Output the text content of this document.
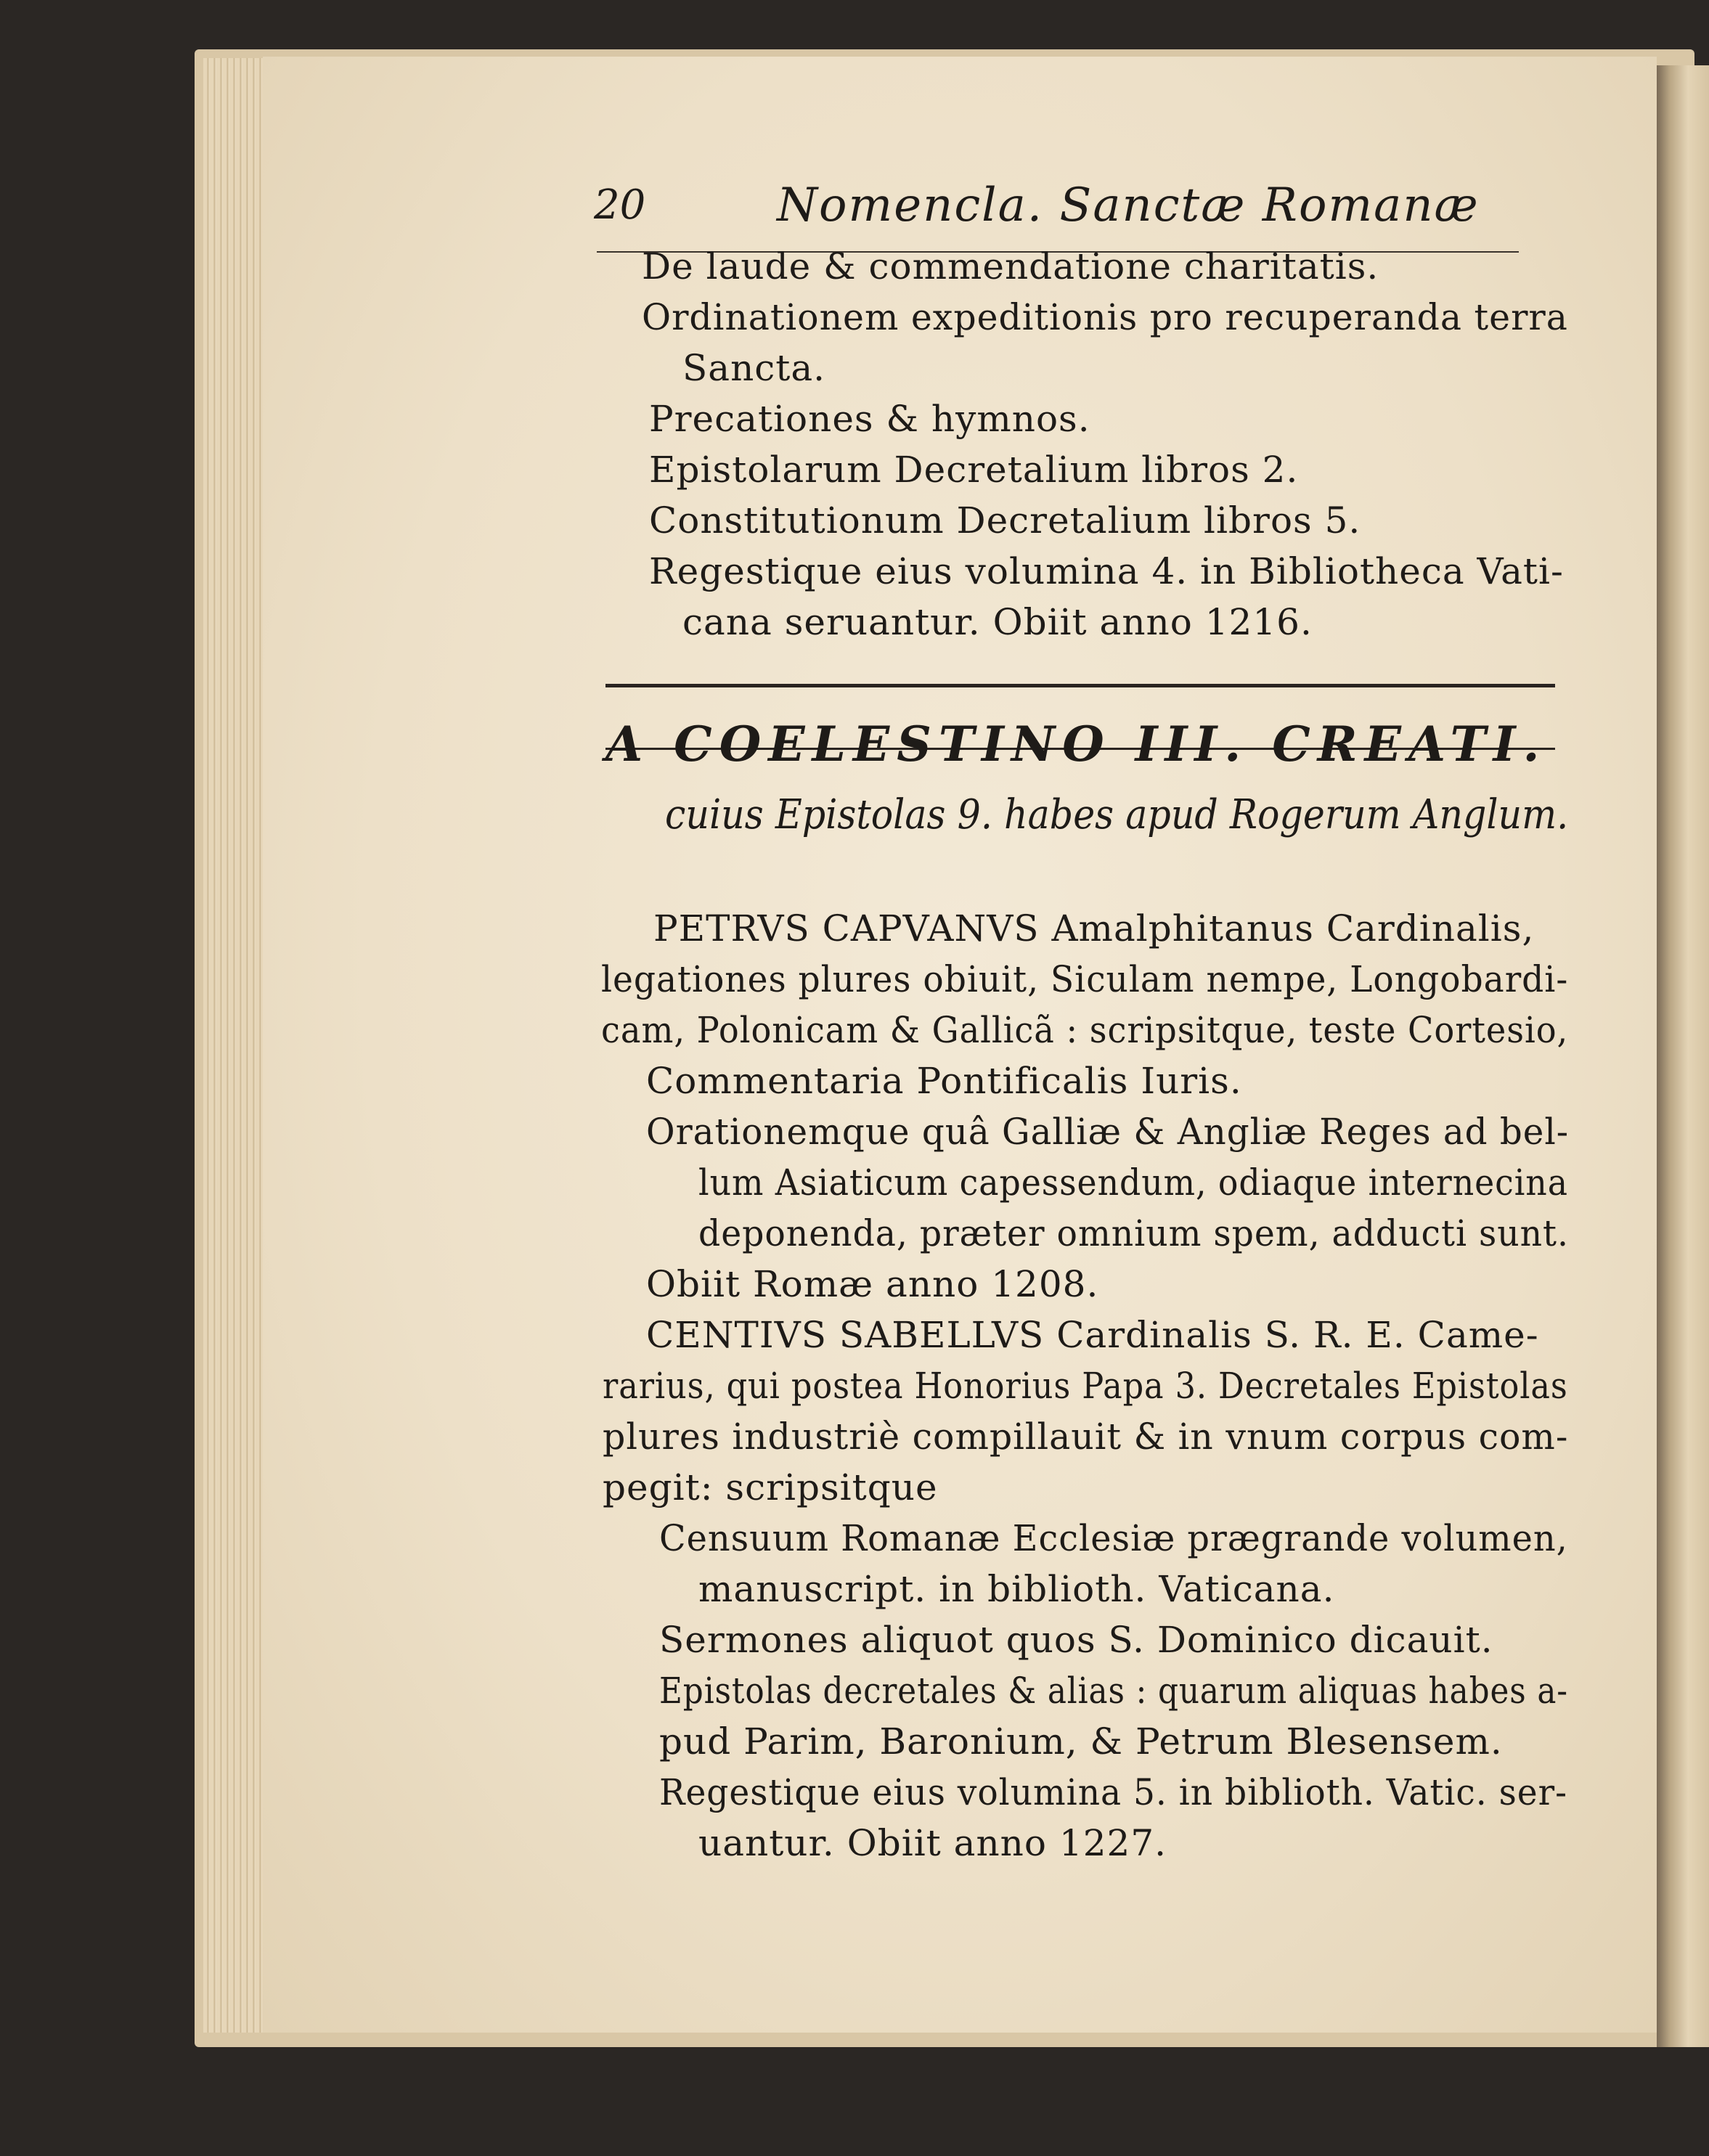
20	Nomencla. Sanctæ Romanæ
De laude & commendatione charitatis.
Ordinationem expeditionis pro recuperanda terra
Sancta.
Precationes & hymnos.
Epistolarum Decretalium libros 2.
Constitutionum Decretalium libros 5.
Regestique eius volumina 4. in Bibliotheca Vati-
cana seruantur. Obiit anno 1216.
A COELESTINO III. CREATI.
cuius Epistolas 9. habes apud Rogerum Anglum.
PETRVS CAPVANVS Amalphitanus Cardinalis,
legationes plures obiuit, Siculam nempe, Longobardi-
cam, Polonicam & Gallicã : scripsitque, teste Cortesio,
Commentaria Pontificalis Iuris.
Orationemque quâ Galliæ & Angliæ Reges ad bel-
lum Asiaticum capessendum, odiaque internecina
deponenda, præter omnium spem, adducti sunt.
Obiit Romæ anno 1208.
CENTIVS SABELLVS Cardinalis S. R. E. Came-
rarius, qui postea Honorius Papa 3. Decretales Epistolas
plures industriè compillauit & in vnum corpus com-
pegit: scripsitque
Censuum Romanæ Ecclesiæ prægrande volumen,
manuscript. in biblioth. Vaticana.
Sermones aliquot quos S. Dominico dicauit.
Epistolas decretales & alias : quarum aliquas habes a-
pud Parim, Baronium, & Petrum Blesensem.
Regestique eius volumina 5. in biblioth. Vatic. ser-
uantur. Obiit anno 1227.
